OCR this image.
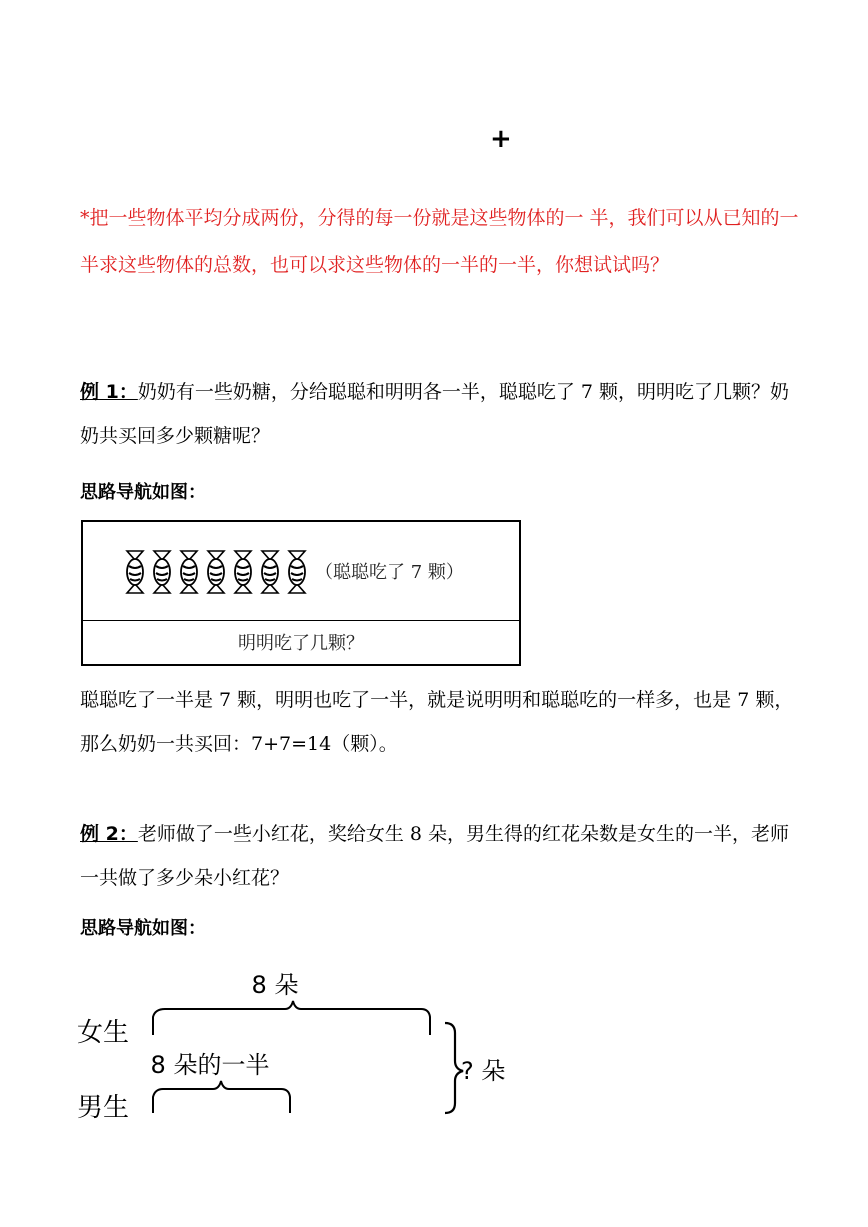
+
*把一些物体平均分成两份，分得的每一份就是这些物体的一 半，我们可以从已知的一半求这些物体的总数，也可以求这些物体的一半的一半，你想试试吗？
例 1：奶奶有一些奶糖，分给聪聪和明明各一半，聪聪吃了 7 颗，明明吃了几颗？奶奶共买回多少颗糖呢？
思路导航如图：
（聪聪吃了 7 颗）
明明吃了几颗？
聪聪吃了一半是 7 颗，明明也吃了一半，就是说明明和聪聪吃的一样多，也是 7 颗，那么奶奶一共买回：7+7=14（颗）。
例 2：老师做了一些小红花，奖给女生 8 朵，男生得的红花朵数是女生的一半，老师一共做了多少朵小红花？
思路导航如图：
8 朵
女生
8 朵的一半
男生
? 朵
